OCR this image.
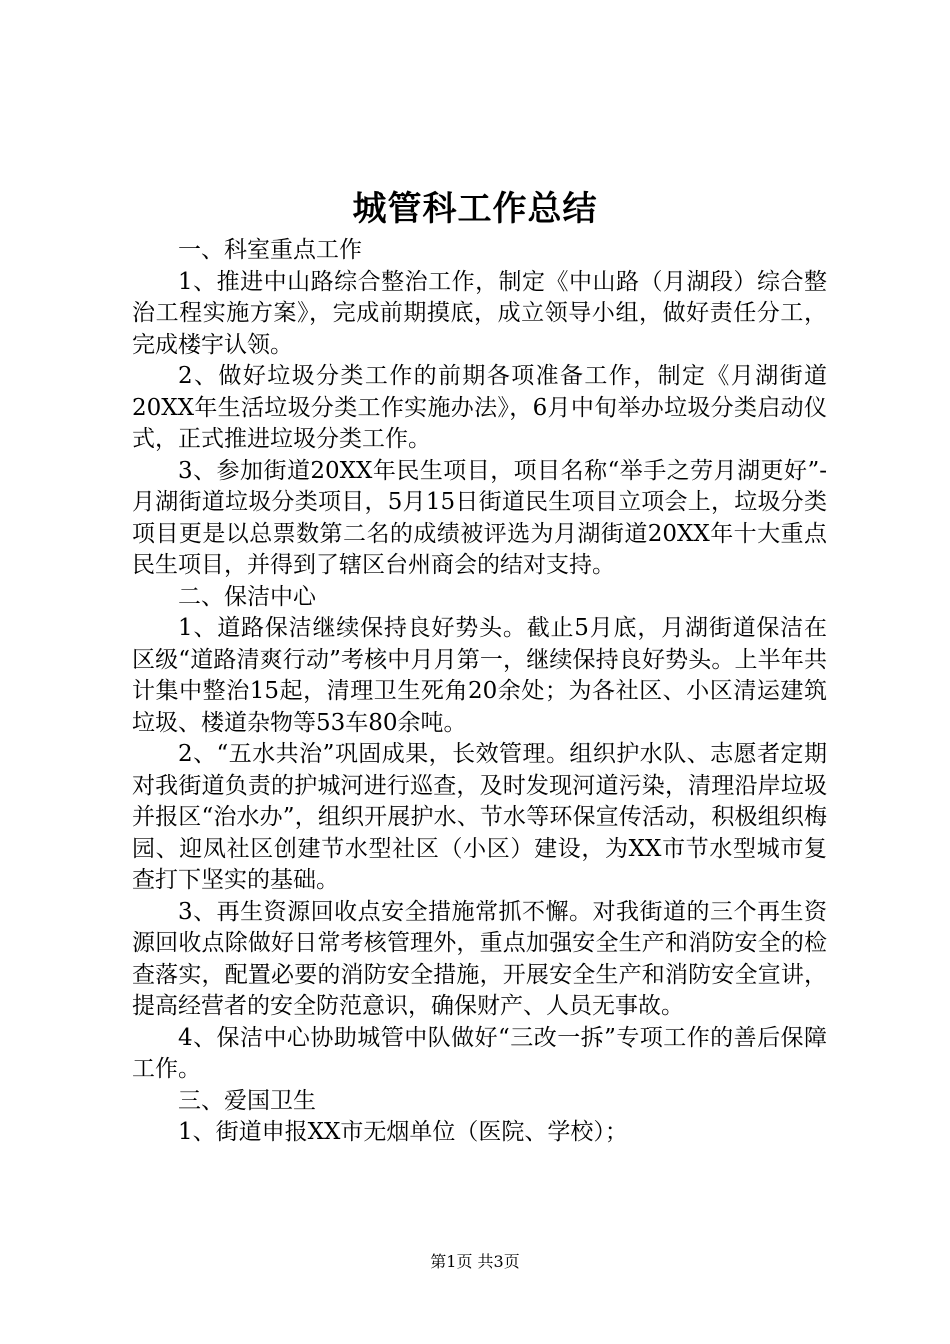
城管科工作总结

一、科室重点工作

1、推进中山路综合整治工作，制定《中山路（月湖段）综合整治工程实施方案》，完成前期摸底，成立领导小组，做好责任分工，完成楼宇认领。

2、做好垃圾分类工作的前期各项准备工作，制定《月湖街道20XX年生活垃圾分类工作实施办法》，6月中旬举办垃圾分类启动仪式，正式推进垃圾分类工作。

3、参加街道20XX年民生项目，项目名称“举手之劳月湖更好”-月湖街道垃圾分类项目，5月15日街道民生项目立项会上，垃圾分类项目更是以总票数第二名的成绩被评选为月湖街道20XX年十大重点民生项目，并得到了辖区台州商会的结对支持。

二、保洁中心

1、道路保洁继续保持良好势头。截止5月底，月湖街道保洁在区级“道路清爽行动”考核中月月第一，继续保持良好势头。上半年共计集中整治15起，清理卫生死角20余处；为各社区、小区清运建筑垃圾、楼道杂物等53车80余吨。

2、“五水共治”巩固成果，长效管理。组织护水队、志愿者定期对我街道负责的护城河进行巡查，及时发现河道污染，清理沿岸垃圾并报区“治水办”，组织开展护水、节水等环保宣传活动，积极组织梅园、迎凤社区创建节水型社区（小区）建设，为XX市节水型城市复查打下坚实的基础。

3、再生资源回收点安全措施常抓不懈。对我街道的三个再生资源回收点除做好日常考核管理外，重点加强安全生产和消防安全的检查落实，配置必要的消防安全措施，开展安全生产和消防安全宣讲，提高经营者的安全防范意识，确保财产、人员无事故。

4、保洁中心协助城管中队做好“三改一拆”专项工作的善后保障工作。

三、爱国卫生

1、街道申报XX市无烟单位（医院、学校）；

第1页 共3页
